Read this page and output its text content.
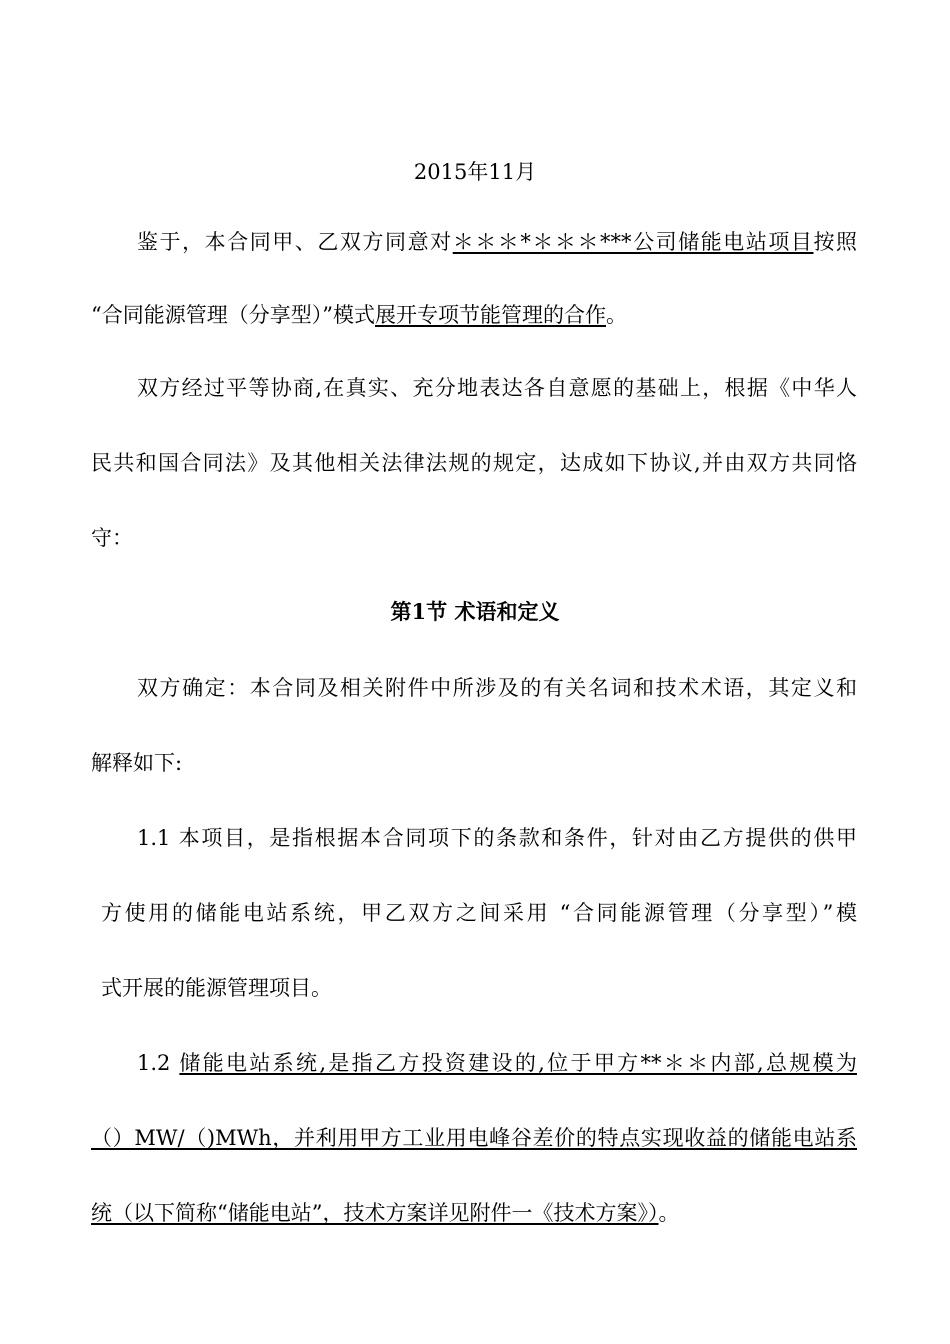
2015年11月
鉴于，本合同甲、乙双方同意对＊＊＊*＊＊＊***公司储能电站项目按照
“合同能源管理（分享型）”模式展开专项节能管理的合作。
双方经过平等协商,在真实、充分地表达各自意愿的基础上，根据《中华人
民共和国合同法》及其他相关法律法规的规定，达成如下协议,并由双方共同恪
守：
第1节 术语和定义
双方确定：本合同及相关附件中所涉及的有关名词和技术术语，其定义和
解释如下:
1.1 本项目，是指根据本合同项下的条款和条件，针对由乙方提供的供甲
方使用的储能电站系统，甲乙双方之间采用 “合同能源管理（分享型）”模
式开展的能源管理项目。
1.2 储能电站系统,是指乙方投资建设的,位于甲方**＊＊内部,总规模为
（）MW/（)MWh，并利用甲方工业用电峰谷差价的特点实现收益的储能电站系
统（以下简称“储能电站”，技术方案详见附件一《技术方案》）。
